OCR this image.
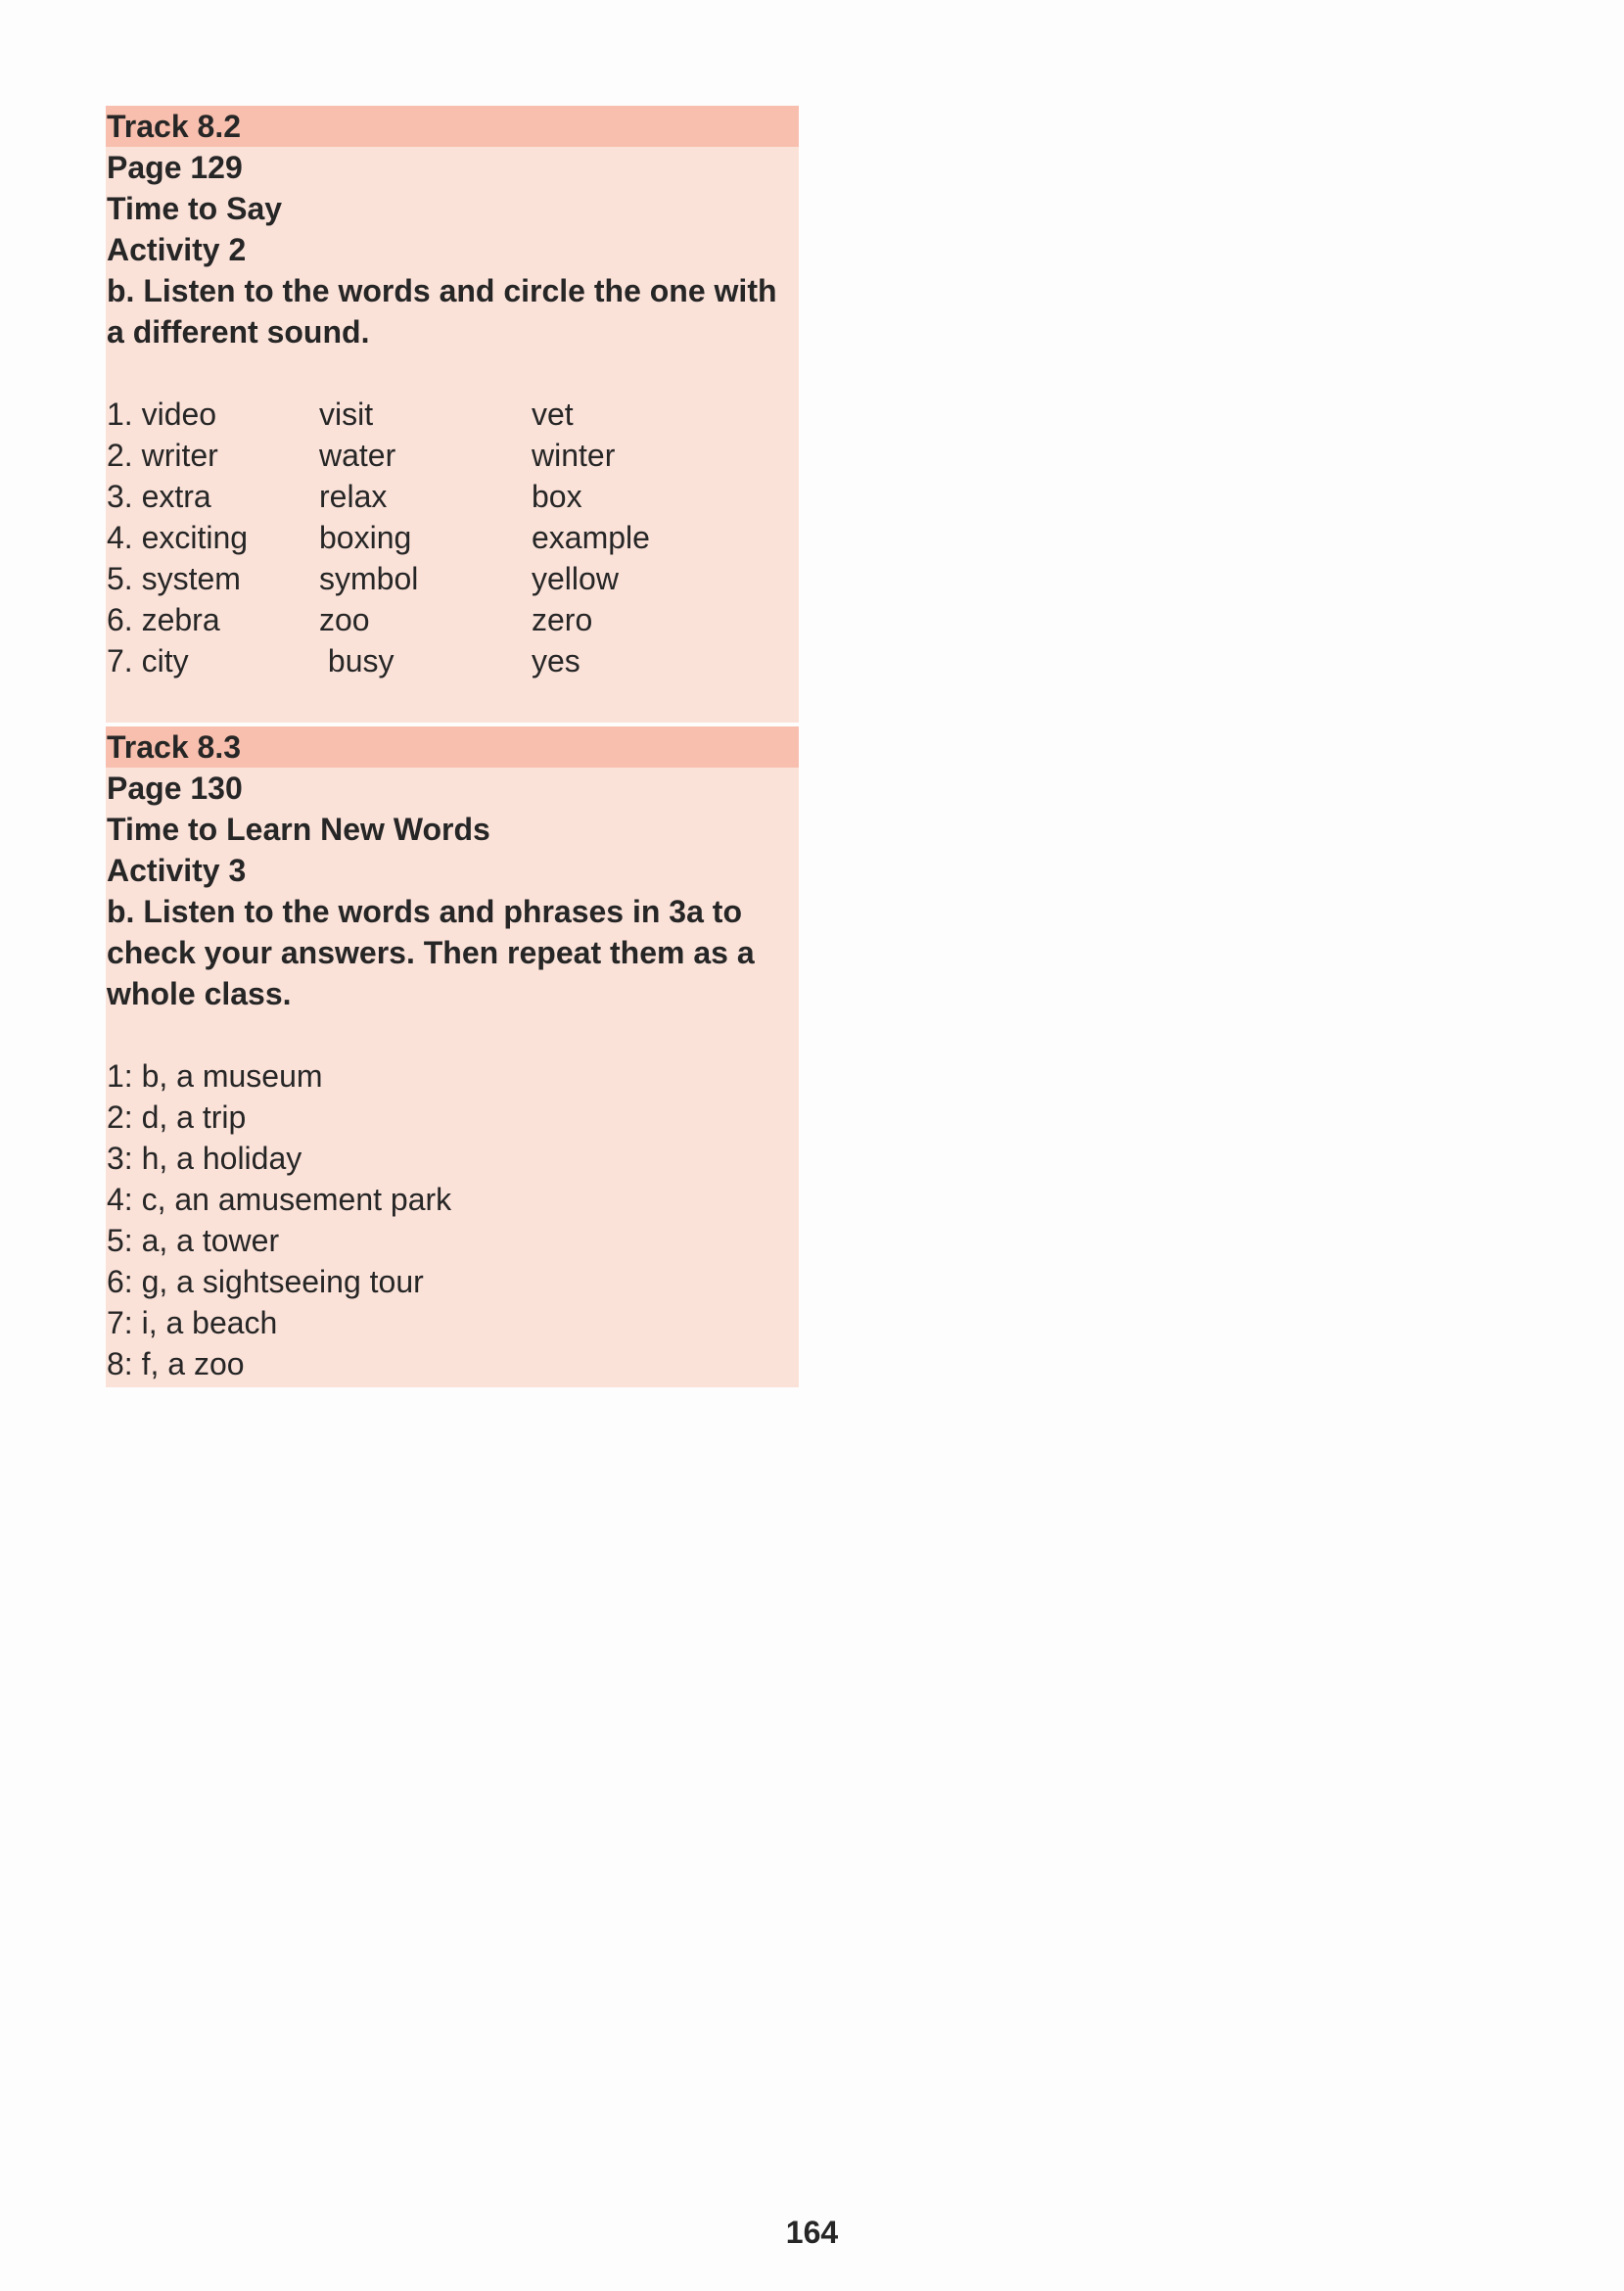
Track 8.2
Page 129
Time to Say
Activity 2
b. Listen to the words and circle the one with a different sound.
1. video	visit	vet
2. writer	water	winter
3. extra	relax	box
4. exciting	boxing	example
5. system	symbol	yellow
6. zebra	zoo	zero
7. city	busy	yes
Track 8.3
Page 130
Time to Learn New Words
Activity 3
b. Listen to the words and phrases in 3a to check your answers. Then repeat them as a whole class.
1: b, a museum
2: d, a trip
3: h, a holiday
4: c, an amusement park
5: a, a tower
6: g, a sightseeing tour
7: i, a beach
8: f, a zoo
164
